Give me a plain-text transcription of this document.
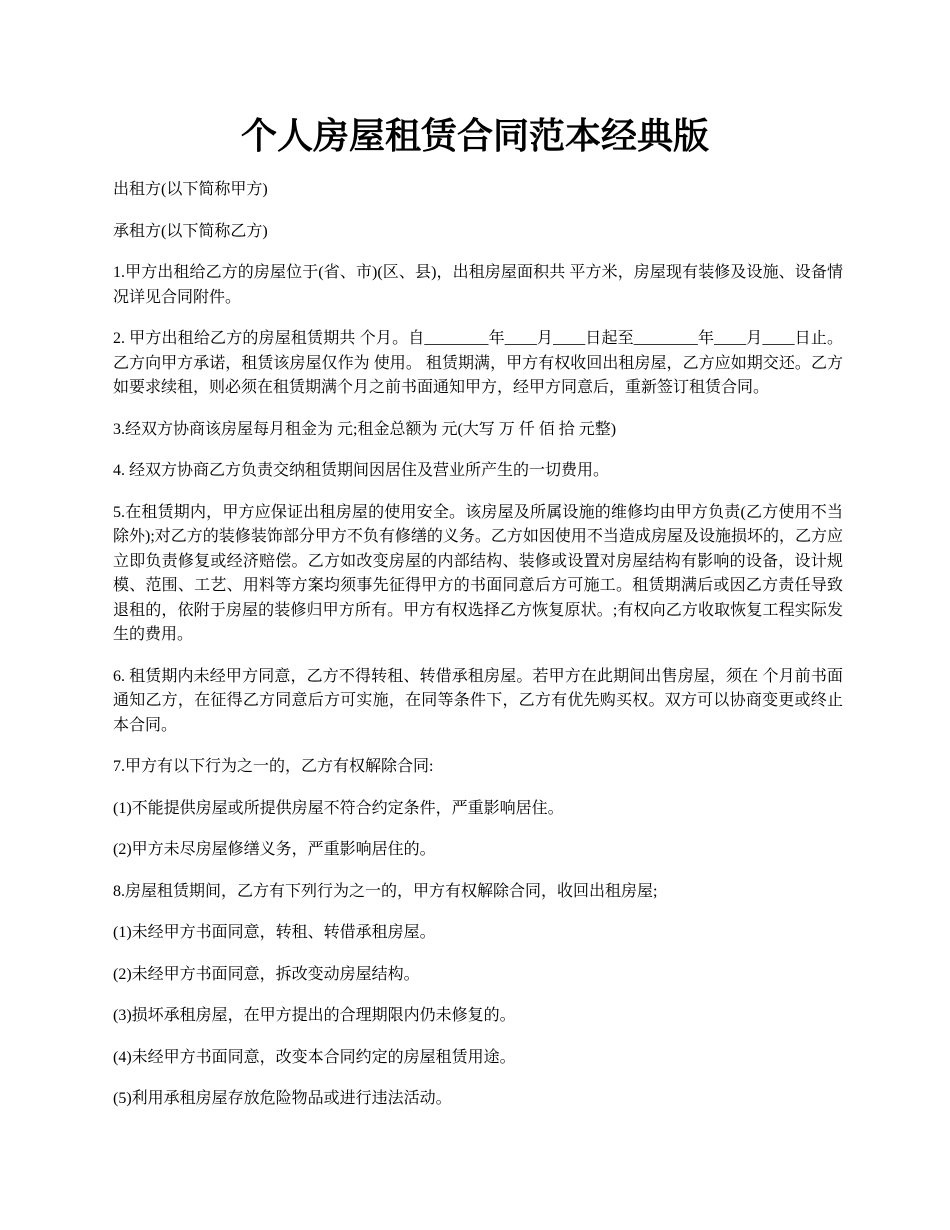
个人房屋租赁合同范本经典版

出租方(以下简称甲方)

承租方(以下简称乙方)

1.甲方出租给乙方的房屋位于(省、市)(区、县)，出租房屋面积共 平方米，房屋现有装修及设施、设备情况详见合同附件。

2. 甲方出租给乙方的房屋租赁期共 个月。自________年____月____日起至________年____月____日止。乙方向甲方承诺，租赁该房屋仅作为 使用。 租赁期满，甲方有权收回出租房屋，乙方应如期交还。乙方如要求续租，则必须在租赁期满个月之前书面通知甲方，经甲方同意后，重新签订租赁合同。

3.经双方协商该房屋每月租金为 元;租金总额为 元(大写 万 仟 佰 拾 元整)

4. 经双方协商乙方负责交纳租赁期间因居住及营业所产生的一切费用。

5.在租赁期内，甲方应保证出租房屋的使用安全。该房屋及所属设施的维修均由甲方负责(乙方使用不当除外);对乙方的装修装饰部分甲方不负有修缮的义务。乙方如因使用不当造成房屋及设施损坏的，乙方应立即负责修复或经济赔偿。乙方如改变房屋的内部结构、装修或设置对房屋结构有影响的设备，设计规模、范围、工艺、用料等方案均须事先征得甲方的书面同意后方可施工。租赁期满后或因乙方责任导致退租的，依附于房屋的装修归甲方所有。甲方有权选择乙方恢复原状。;有权向乙方收取恢复工程实际发生的费用。

6. 租赁期内未经甲方同意，乙方不得转租、转借承租房屋。若甲方在此期间出售房屋，须在 个月前书面通知乙方，在征得乙方同意后方可实施，在同等条件下，乙方有优先购买权。双方可以协商变更或终止本合同。

7.甲方有以下行为之一的，乙方有权解除合同:

(1)不能提供房屋或所提供房屋不符合约定条件，严重影响居住。

(2)甲方未尽房屋修缮义务，严重影响居住的。

8.房屋租赁期间，乙方有下列行为之一的，甲方有权解除合同，收回出租房屋;

(1)未经甲方书面同意，转租、转借承租房屋。

(2)未经甲方书面同意，拆改变动房屋结构。

(3)损坏承租房屋，在甲方提出的合理期限内仍未修复的。

(4)未经甲方书面同意，改变本合同约定的房屋租赁用途。

(5)利用承租房屋存放危险物品或进行违法活动。
